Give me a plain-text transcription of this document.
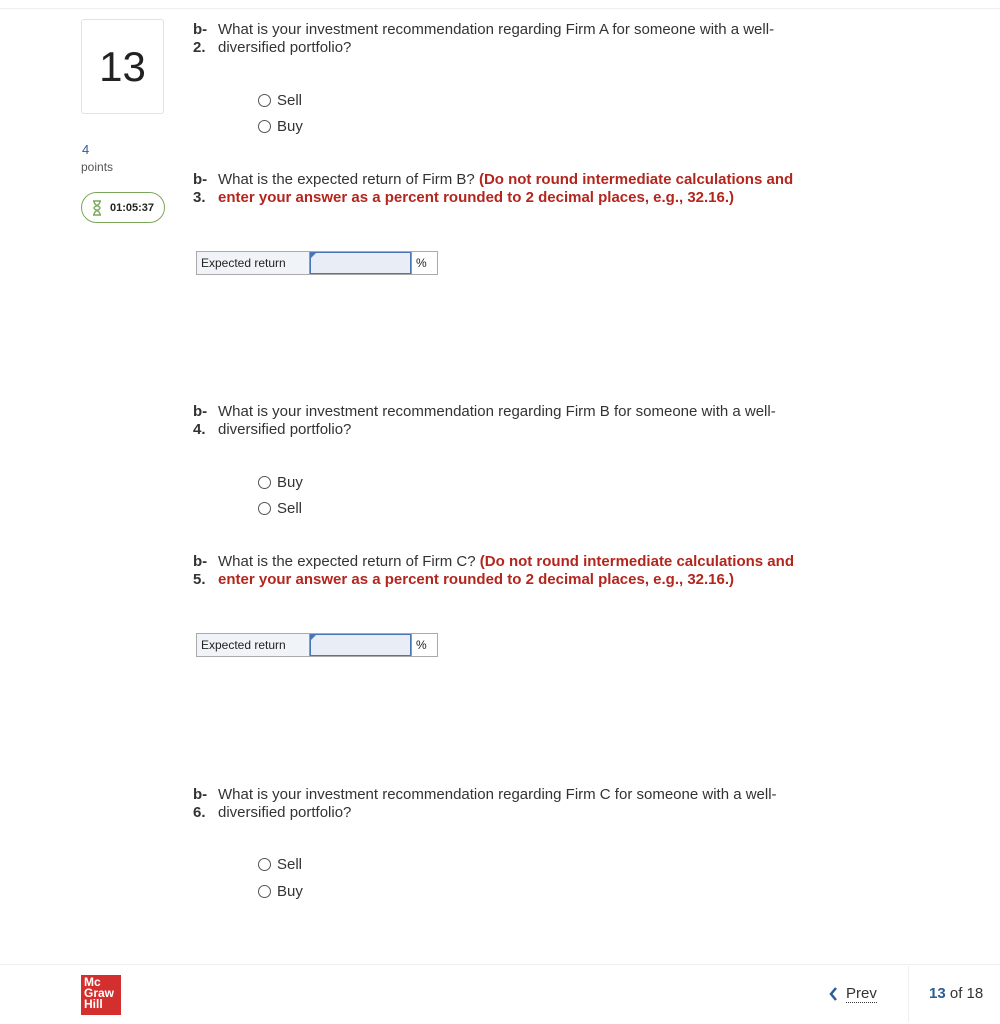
13
4
points
01:05:37
b-
2.
What is your investment recommendation regarding Firm A for someone with a well-
diversified portfolio?
Sell
Buy
b-
3.
What is the expected return of Firm B? (Do not round intermediate calculations and
enter your answer as a percent rounded to 2 decimal places, e.g., 32.16.)
Expected return	%
b-
4.
What is your investment recommendation regarding Firm B for someone with a well-
diversified portfolio?
Buy
Sell
b-
5.
What is the expected return of Firm C? (Do not round intermediate calculations and
enter your answer as a percent rounded to 2 decimal places, e.g., 32.16.)
Expected return	%
b-
6.
What is your investment recommendation regarding Firm C for someone with a well-
diversified portfolio?
Sell
Buy
Mc
Graw
Hill
Prev	13 of 18
